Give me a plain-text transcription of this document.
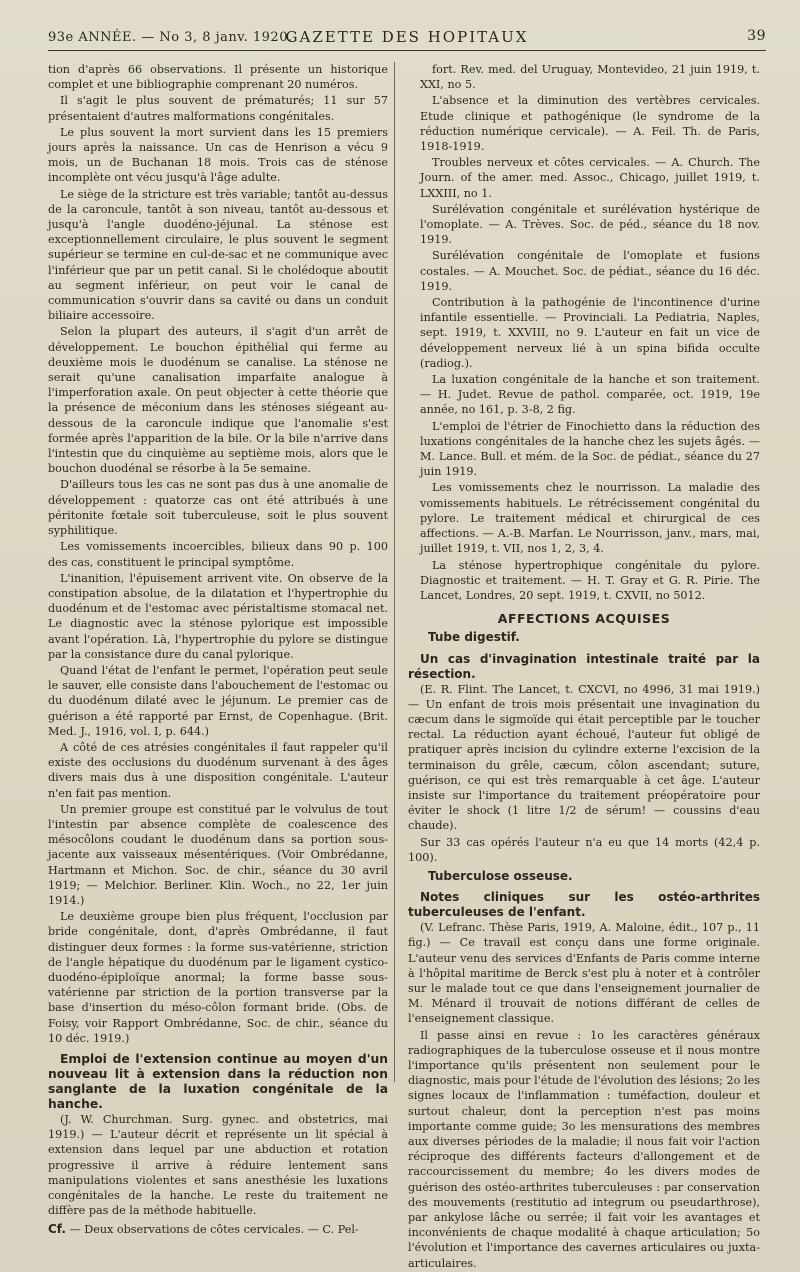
93e ANNÉE. — No 3, 8 janv. 1920.
GAZETTE DES HOPITAUX	39

tion d'après 66 observations. Il présente un historique complet et une bibliographie comprenant 20 numéros.

Il s'agit le plus souvent de prématurés; 11 sur 57 présentaient d'autres malformations congénitales.

Le plus souvent la mort survient dans les 15 premiers jours après la naissance. Un cas de Henrison a vécu 9 mois, un de Buchanan 18 mois. Trois cas de sténose incomplète ont vécu jusqu'à l'âge adulte.

Le siège de la stricture est très variable; tantôt au-dessus de la caroncule, tantôt à son niveau, tantôt au-dessous et jusqu'à l'angle duodéno-jéjunal. La sténose est exceptionnellement circulaire, le plus souvent le segment supérieur se termine en cul-de-sac et ne communique avec l'inférieur que par un petit canal. Si le cholédoque aboutit au segment inférieur, on peut voir le canal de communication s'ouvrir dans sa cavité ou dans un conduit biliaire accessoire.

Selon la plupart des auteurs, il s'agit d'un arrêt de développement. Le bouchon épithélial qui ferme au deuxième mois le duodénum se canalise. La sténose ne serait qu'une canalisation imparfaite analogue à l'imperforation axale. On peut objecter à cette théorie que la présence de méconium dans les sténoses siégeant au-dessous de la caroncule indique que l'anomalie s'est formée après l'apparition de la bile. Or la bile n'arrive dans l'intestin que du cinquième au septième mois, alors que le bouchon duodénal se résorbe à la 5e semaine.

D'ailleurs tous les cas ne sont pas dus à une anomalie de développement : quatorze cas ont été attribués à une péritonite fœtale soit tuberculeuse, soit le plus souvent syphilitique.

Les vomissements incoercibles, bilieux dans 90 p. 100 des cas, constituent le principal symptôme.

L'inanition, l'épuisement arrivent vite. On observe de la constipation absolue, de la dilatation et l'hypertrophie du duodénum et de l'estomac avec péristaltisme stomacal net. Le diagnostic avec la sténose pylorique est impossible avant l'opération. Là, l'hypertrophie du pylore se distingue par la consistance dure du canal pylorique.

Quand l'état de l'enfant le permet, l'opération peut seule le sauver, elle consiste dans l'abouchement de l'estomac ou du duodénum dilaté avec le jéjunum. Le premier cas de guérison a été rapporté par Ernst, de Copenhague. (Brit. Med. J., 1916, vol. I, p. 644.)

A côté de ces atrésies congénitales il faut rappeler qu'il existe des occlusions du duodénum survenant à des âges divers mais dus à une disposition congénitale. L'auteur n'en fait pas mention.

Un premier groupe est constitué par le volvulus de tout l'intestin par absence complète de coalescence des mésocôlons coudant le duodénum dans sa portion sous-jacente aux vaisseaux mésentériques. (Voir Ombrédanne, Hartmann et Michon. Soc. de chir., séance du 30 avril 1919; — Melchior. Berliner. Klin. Woch., no 22, 1er juin 1914.)

Le deuxième groupe bien plus fréquent, l'occlusion par bride congénitale, dont, d'après Ombrédanne, il faut distinguer deux formes : la forme sus-vatérienne, striction de l'angle hépatique du duodénum par le ligament cystico-duodéno-épiploïque anormal; la forme basse sous-vatérienne par striction de la portion transverse par la base d'insertion du méso-côlon formant bride. (Obs. de Foisy, voir Rapport Ombrédanne, Soc. de chir., séance du 10 déc. 1919.)

Emploi de l'extension continue au moyen d'un nouveau lit à extension dans la réduction non sanglante de la luxation congénitale de la hanche.

(J. W. Churchman. Surg. gynec. and obstetrics, mai 1919.) — L'auteur décrit et représente un lit spécial à extension dans lequel par une abduction et rotation progressive il arrive à réduire lentement sans manipulations violentes et sans anesthésie les luxations congénitales de la hanche. Le reste du traitement ne diffère pas de la méthode habituelle.

Cf. — Deux observations de côtes cervicales. — C. Pel-

fort. Rev. med. del Uruguay, Montevideo, 21 juin 1919, t. XXI, no 5.

L'absence et la diminution des vertèbres cervicales. Etude clinique et pathogénique (le syndrome de la réduction numérique cervicale). — A. Feil. Th. de Paris, 1918-1919.

Troubles nerveux et côtes cervicales. — A. Church. The Journ. of the amer. med. Assoc., Chicago, juillet 1919, t. LXXIII, no 1.

Surélévation congénitale et surélévation hystérique de l'omoplate. — A. Trèves. Soc. de péd., séance du 18 nov. 1919.

Surélévation congénitale de l'omoplate et fusions costales. — A. Mouchet. Soc. de pédiat., séance du 16 déc. 1919.

Contribution à la pathogénie de l'incontinence d'urine infantile essentielle. — Provinciali. La Pediatria, Naples, sept. 1919, t. XXVIII, no 9. L'auteur en fait un vice de développement nerveux lié à un spina bifida occulte (radiog.).

La luxation congénitale de la hanche et son traitement. — H. Judet. Revue de pathol. comparée, oct. 1919, 19e année, no 161, p. 3-8, 2 fig.

L'emploi de l'étrier de Finochietto dans la réduction des luxations congénitales de la hanche chez les sujets âgés. — M. Lance. Bull. et mém. de la Soc. de pédiat., séance du 27 juin 1919.

Les vomissements chez le nourrisson. La maladie des vomissements habituels. Le rétrécissement congénital du pylore. Le traitement médical et chirurgical de ces affections. — A.-B. Marfan. Le Nourrisson, janv., mars, mai, juillet 1919, t. VII, nos 1, 2, 3, 4.

La sténose hypertrophique congénitale du pylore. Diagnostic et traitement. — H. T. Gray et G. R. Pirie. The Lancet, Londres, 20 sept. 1919, t. CXVII, no 5012.

AFFECTIONS ACQUISES
Tube digestif.
Un cas d'invagination intestinale traité par la résection.

(E. R. Flint. The Lancet, t. CXCVI, no 4996, 31 mai 1919.) — Un enfant de trois mois présentait une invagination du cæcum dans le sigmoïde qui était perceptible par le toucher rectal. La réduction ayant échoué, l'auteur fut obligé de pratiquer après incision du cylindre externe l'excision de la terminaison du grêle, cæcum, côlon ascendant; suture, guérison, ce qui est très remarquable à cet âge. L'auteur insiste sur l'importance du traitement préopératoire pour éviter le shock (1 litre 1/2 de sérum! — coussins d'eau chaude).

Sur 33 cas opérés l'auteur n'a eu que 14 morts (42,4 p. 100).

Tuberculose osseuse.
Notes cliniques sur les ostéo-arthrites tuberculeuses de l'enfant.

(V. Lefranc. Thèse Paris, 1919, A. Maloine, édit., 107 p., 11 fig.) — Ce travail est conçu dans une forme originale. L'auteur venu des services d'Enfants de Paris comme interne à l'hôpital maritime de Berck s'est plu à noter et à contrôler sur le malade tout ce que dans l'enseignement journalier de M. Ménard il trouvait de notions différant de celles de l'enseignement classique.

Il passe ainsi en revue : 1o les caractères généraux radiographiques de la tuberculose osseuse et il nous montre l'importance qu'ils présentent non seulement pour le diagnostic, mais pour l'étude de l'évolution des lésions; 2o les signes locaux de l'inflammation : tuméfaction, douleur et surtout chaleur, dont la perception n'est pas moins importante comme guide; 3o les mensurations des membres aux diverses périodes de la maladie; il nous fait voir l'action réciproque des différents facteurs d'allongement et de raccourcissement du membre; 4o les divers modes de guérison des ostéo-arthrites tuberculeuses : par conservation des mouvements (restitutio ad integrum ou pseudarthrose), par ankylose lâche ou serrée; il fait voir les avantages et inconvénients de chaque modalité à chaque articulation; 5o l'évolution et l'importance des cavernes articulaires ou juxta-articulaires.
